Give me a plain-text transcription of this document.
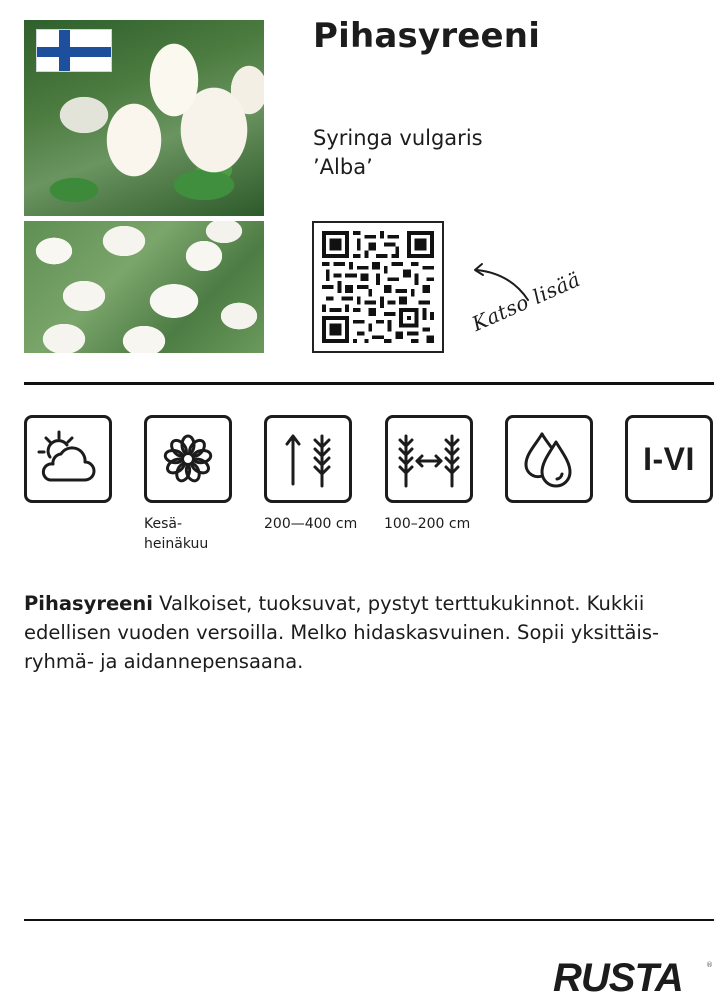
Pihasyreeni
Syringa vulgaris
’Alba’
Katso lisää
I-VI
Kesä-
heinäkuu
200—400 cm 100–200 cm

Pihasyreeni Valkoiset, tuoksuvat, pystyt terttukukinnot. Kukkii edellisen vuoden versoilla. Melko hidaskasvuinen. Sopii yksittäis- ryhmä- ja aidannepensaana.

RUSTA	®
